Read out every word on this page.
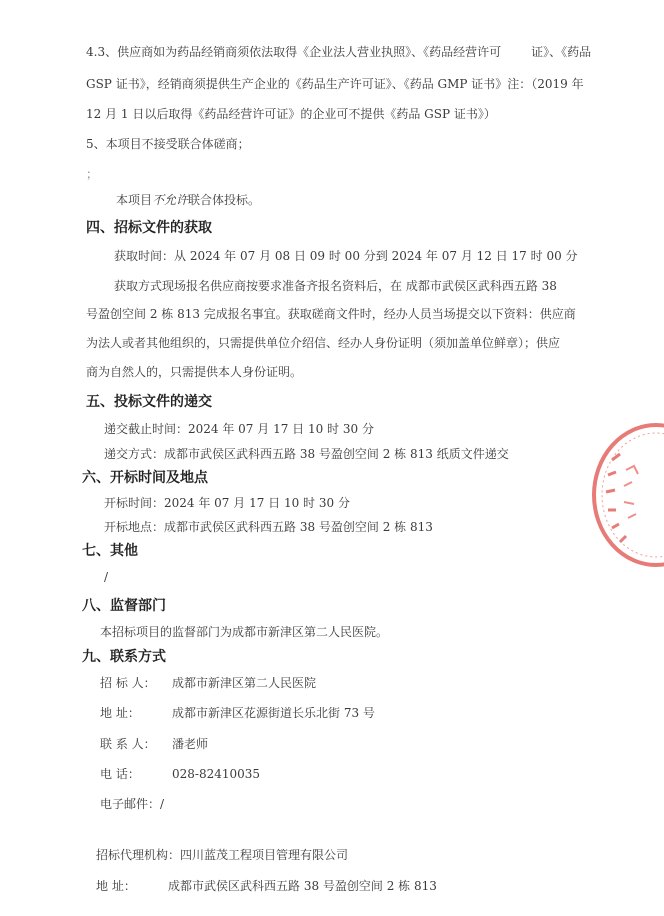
4.3、供应商如为药品经销商须依法取得《企业法人营业执照》、《药品经营许可	证》、《药品
GSP 证书》，经销商须提供生产企业的《药品生产许可证》、《药品 GMP 证书》注：（2019 年
12 月 1 日以后取得《药品经营许可证》的企业可不提供《药品 GSP 证书》）
5、本项目不接受联合体磋商；
；
本项目不允许联合体投标。
四、招标文件的获取
获取时间：从 2024 年 07 月 08 日 09 时 00 分到 2024 年 07 月 12 日 17 时 00 分
获取方式现场报名供应商按要求准备齐报名资料后，在 成都市武侯区武科西五路 38
号盈创空间 2 栋 813 完成报名事宜。获取磋商文件时，经办人员当场提交以下资料：供应商
为法人或者其他组织的，只需提供单位介绍信、经办人身份证明（须加盖单位鲜章）；供应
商为自然人的，只需提供本人身份证明。
五、投标文件的递交
递交截止时间：2024 年 07 月 17 日 10 时 30 分
递交方式：成都市武侯区武科西五路 38 号盈创空间 2 栋 813 纸质文件递交
六、开标时间及地点
开标时间：2024 年 07 月 17 日 10 时 30 分
开标地点：成都市武侯区武科西五路 38 号盈创空间 2 栋 813
七、其他
/
八、监督部门
本招标项目的监督部门为成都市新津区第二人民医院。
九、联系方式
招 标 人： 成都市新津区第二人民医院
地 址：	成都市新津区花源街道长乐北街 73 号
联 系 人： 潘老师
电 话：	028-82410035
电子邮件：/
招标代理机构：四川蓝茂工程项目管理有限公司
地 址：	成都市武侯区武科西五路 38 号盈创空间 2 栋 813
